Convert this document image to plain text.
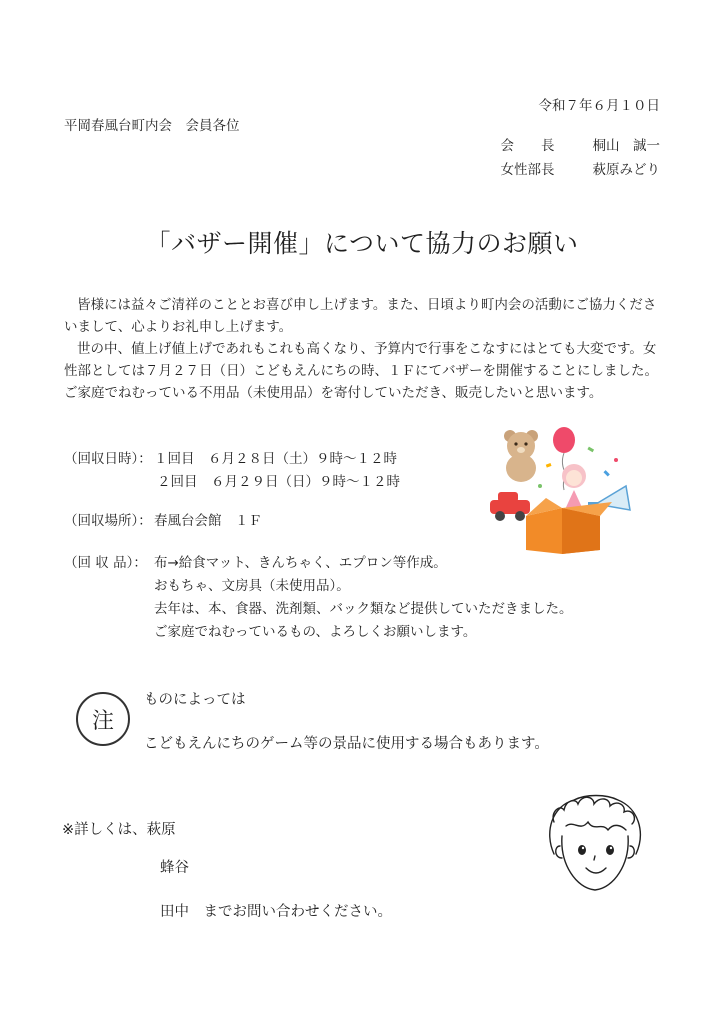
令和７年６月１０日
平岡春風台町内会　会員各位
会　　長	桐山　誠一
女性部長	萩原みどり
「バザー開催」について協力のお願い

皆様には益々ご清祥のこととお喜び申し上げます。また、日頃より町内会の活動にご協力くださいまして、心よりお礼申し上げます。

世の中、値上げ値上げであれもこれも高くなり、予算内で行事をこなすにはとても大変です。女性部としては７月２７日（日）こどもえんにちの時、１Ｆにてバザーを開催することにしました。ご家庭でねむっている不用品（未使用品）を寄付していただき、販売したいと思います。

（回収日時）： １回目　６月２８日（土）９時～１２時
２回目　６月２９日（日）９時～１２時
（回収場所）： 春風台会館　１Ｆ
（回 収 品）： 布→給食マット、きんちゃく、エプロン等作成。
おもちゃ、文房具（未使用品）。
去年は、本、食器、洗剤類、バック類など提供していただきました。
ご家庭でねむっているもの、よろしくお願いします。
注
ものによっては
こどもえんにちのゲーム等の景品に使用する場合もあります。
※詳しくは、萩原
蜂谷
田中　までお問い合わせください。
